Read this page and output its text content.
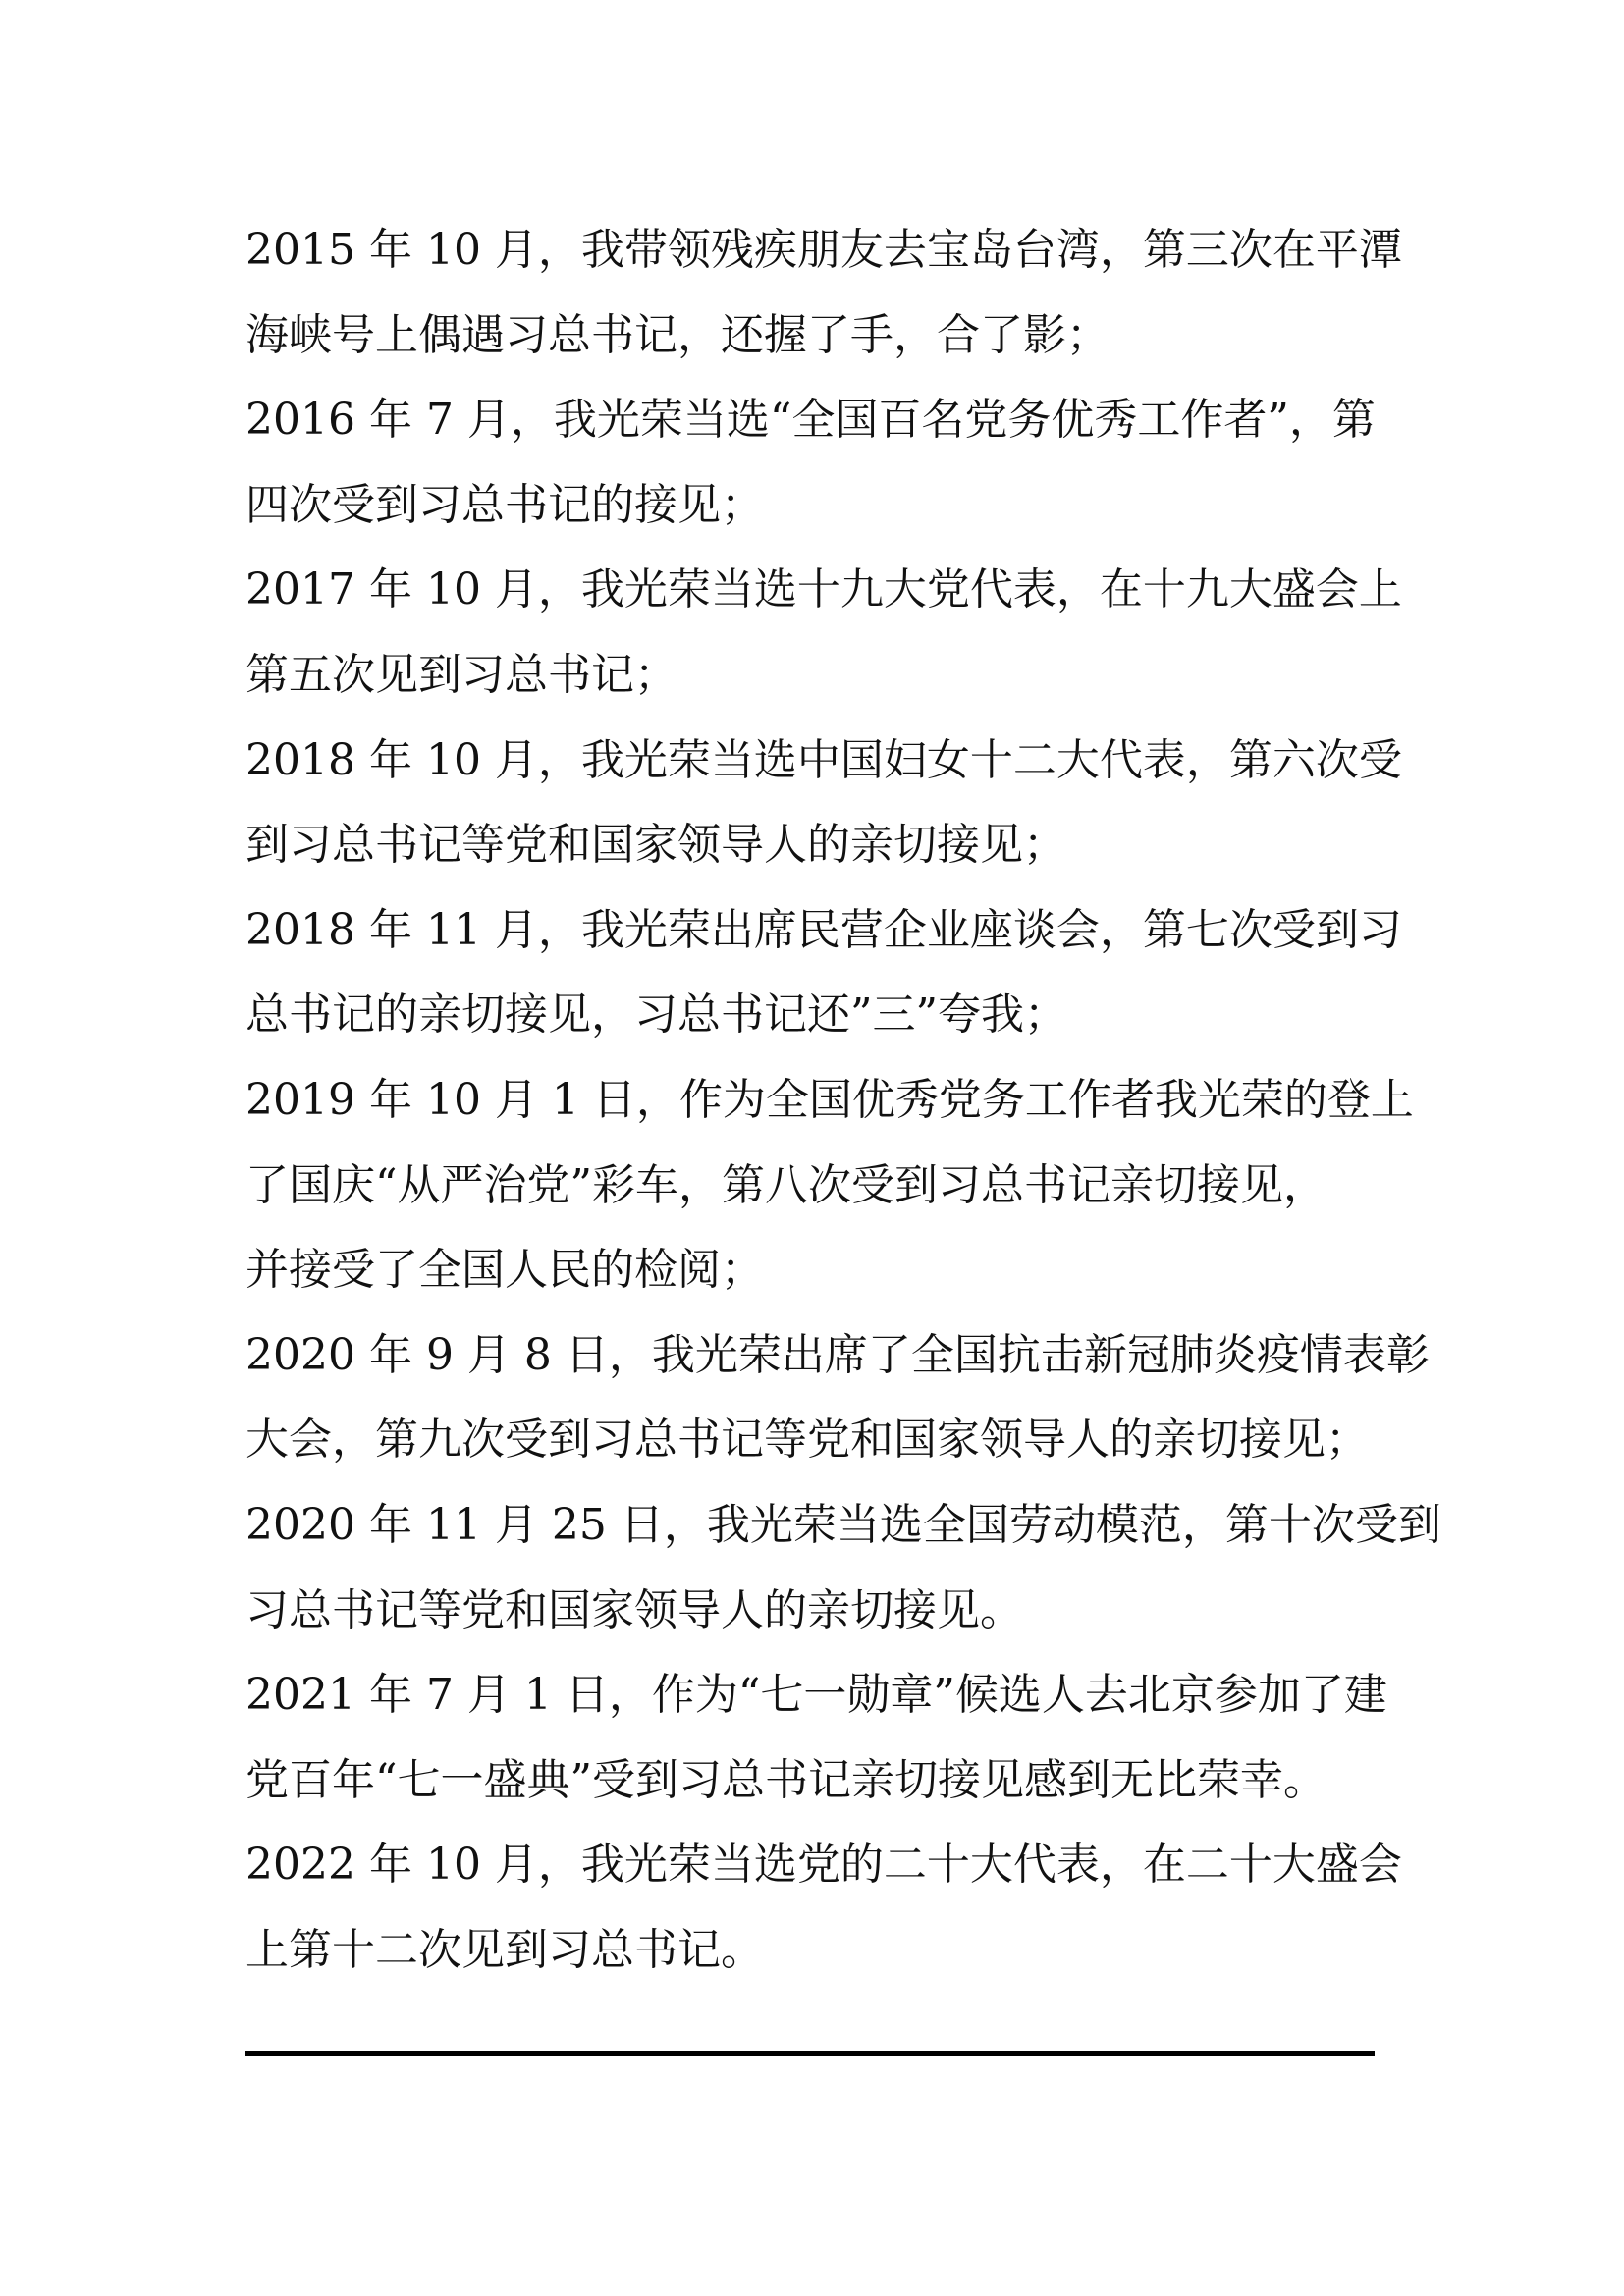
2015 年 10 月，我带领残疾朋友去宝岛台湾，第三次在平潭
海峡号上偶遇习总书记，还握了手，合了影；
2016 年 7 月，我光荣当选“全国百名党务优秀工作者”，第
四次受到习总书记的接见；
2017 年 10 月，我光荣当选十九大党代表，在十九大盛会上
第五次见到习总书记；
2018 年 10 月，我光荣当选中国妇女十二大代表，第六次受
到习总书记等党和国家领导人的亲切接见；
2018 年 11 月，我光荣出席民营企业座谈会，第七次受到习
总书记的亲切接见，习总书记还”三”夸我；
2019 年 10 月 1 日，作为全国优秀党务工作者我光荣的登上
了国庆“从严治党”彩车，第八次受到习总书记亲切接见，
并接受了全国人民的检阅；
2020 年 9 月 8 日，我光荣出席了全国抗击新冠肺炎疫情表彰
大会，第九次受到习总书记等党和国家领导人的亲切接见；
2020 年 11 月 25 日，我光荣当选全国劳动模范，第十次受到
习总书记等党和国家领导人的亲切接见。
2021 年 7 月 1 日，作为“七一勋章”候选人去北京参加了建
党百年“七一盛典”受到习总书记亲切接见感到无比荣幸。
2022 年 10 月，我光荣当选党的二十大代表，在二十大盛会
上第十二次见到习总书记。
